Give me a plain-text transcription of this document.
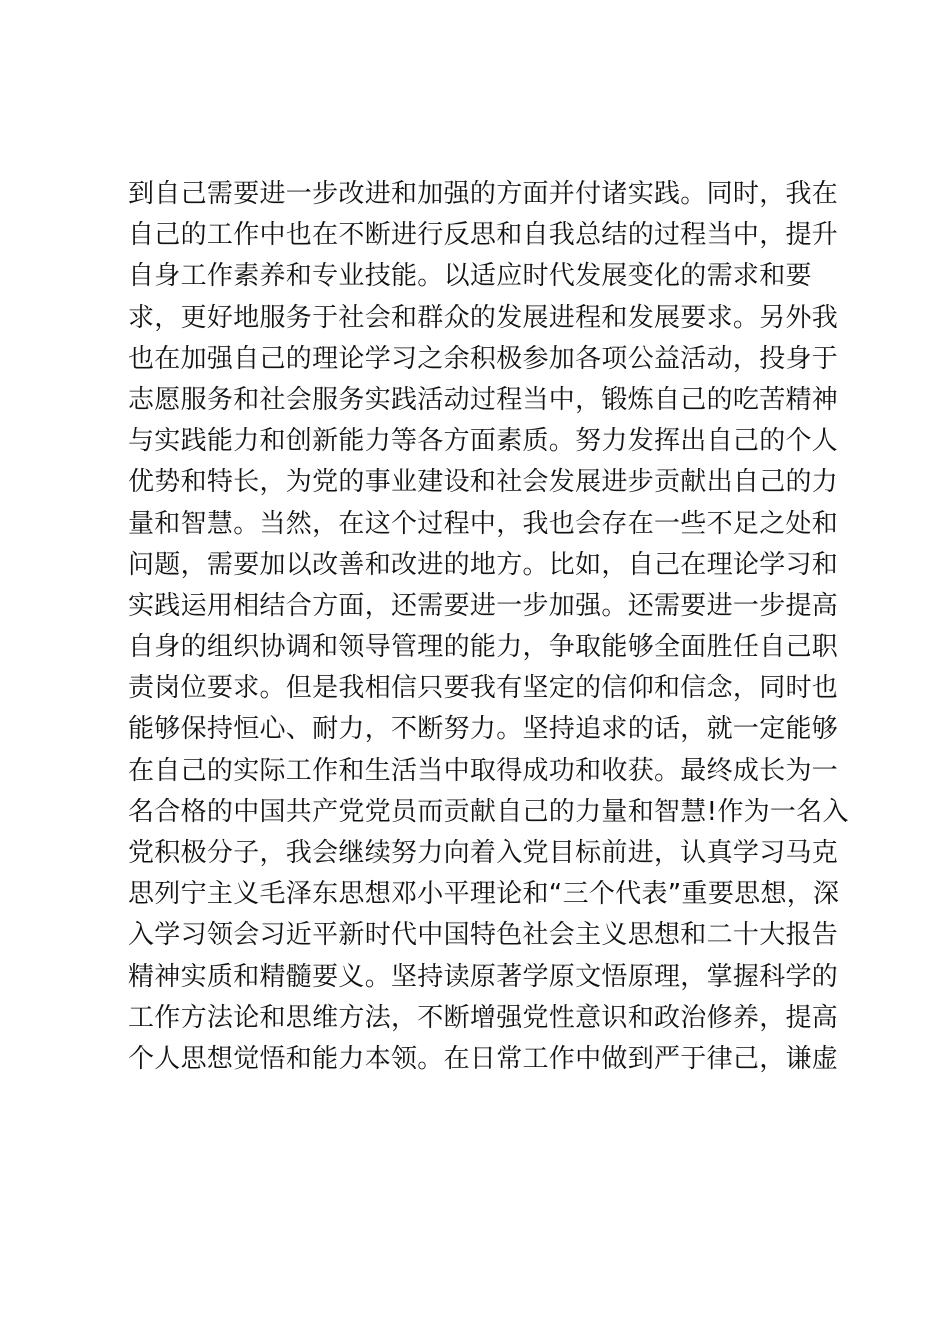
到自己需要进一步改进和加强的方面并付诸实践。同时，我在
自己的工作中也在不断进行反思和自我总结的过程当中，提升
自身工作素养和专业技能。以适应时代发展变化的需求和要
求，更好地服务于社会和群众的发展进程和发展要求。另外我
也在加强自己的理论学习之余积极参加各项公益活动，投身于
志愿服务和社会服务实践活动过程当中，锻炼自己的吃苦精神
与实践能力和创新能力等各方面素质。努力发挥出自己的个人
优势和特长，为党的事业建设和社会发展进步贡献出自己的力
量和智慧。当然，在这个过程中，我也会存在一些不足之处和
问题，需要加以改善和改进的地方。比如，自己在理论学习和
实践运用相结合方面，还需要进一步加强。还需要进一步提高
自身的组织协调和领导管理的能力，争取能够全面胜任自己职
责岗位要求。但是我相信只要我有坚定的信仰和信念，同时也
能够保持恒心、耐力，不断努力。坚持追求的话，就一定能够
在自己的实际工作和生活当中取得成功和收获。最终成长为一
名合格的中国共产党党员而贡献自己的力量和智慧!作为一名入
党积极分子，我会继续努力向着入党目标前进，认真学习马克
思列宁主义毛泽东思想邓小平理论和“三个代表”重要思想，深
入学习领会习近平新时代中国特色社会主义思想和二十大报告
精神实质和精髓要义。坚持读原著学原文悟原理，掌握科学的
工作方法论和思维方法，不断增强党性意识和政治修养，提高
个人思想觉悟和能力本领。在日常工作中做到严于律己，谦虚
